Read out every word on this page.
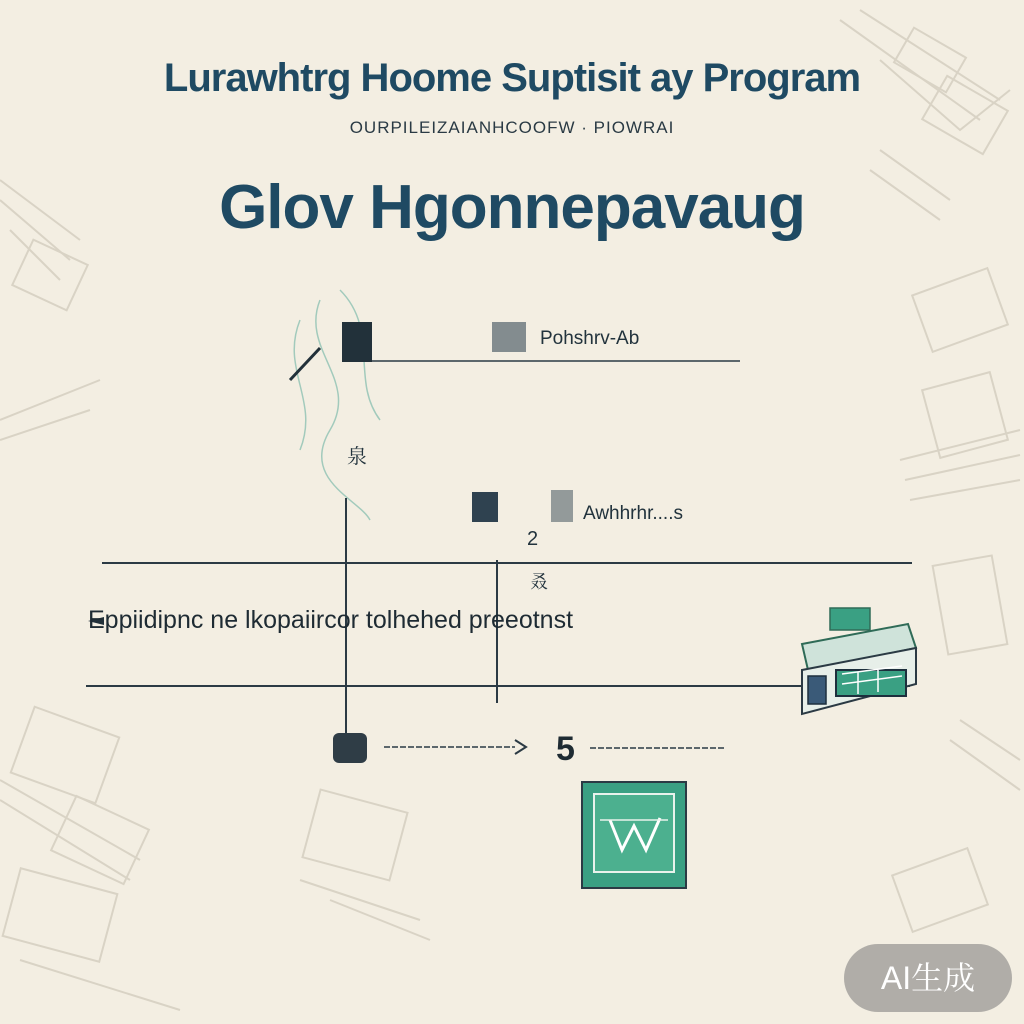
Lurawhtrg Hoome Suptisit ay Program
OURPILEIZAIANHCOOFW · PIOWRAI
Glov Hgonnepavaug
Pohshrv-Ab
泉
Awhhrhr....s
2
叒
Eppiidipnc ne lkopaiircor tolhehed preeotnst
5
AI生成
